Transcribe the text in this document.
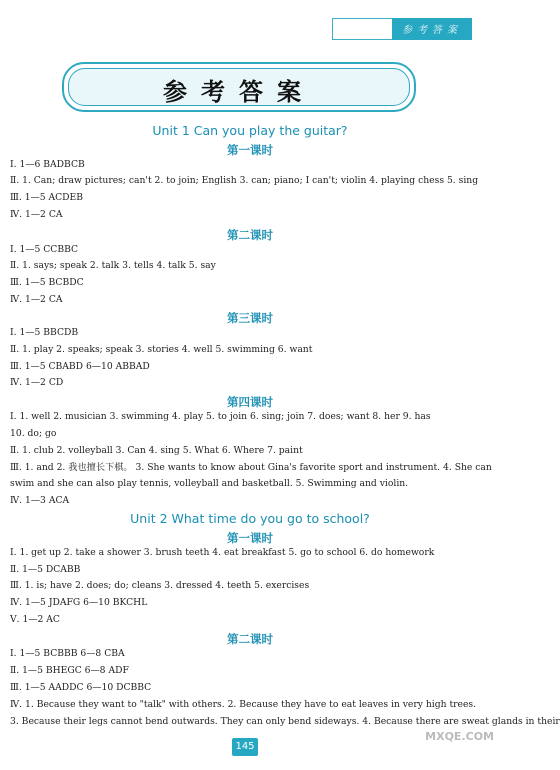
参考答案
参考答案
Unit 1 Can you play the guitar?
第一课时
Ⅰ. 1—6 BADBCB
Ⅱ. 1. Can; draw pictures; can't 2. to join; English 3. can; piano; I can't; violin 4. playing chess 5. sing
Ⅲ. 1—5 ACDEB
Ⅳ. 1—2 CA
第二课时
Ⅰ. 1—5 CCBBC
Ⅱ. 1. says; speak 2. talk 3. tells 4. talk 5. say
Ⅲ. 1—5 BCBDC
Ⅳ. 1—2 CA
第三课时
Ⅰ. 1—5 BBCDB
Ⅱ. 1. play 2. speaks; speak 3. stories 4. well 5. swimming 6. want
Ⅲ. 1—5 CBABD 6—10 ABBAD
Ⅳ. 1—2 CD
第四课时
Ⅰ. 1. well 2. musician 3. swimming 4. play 5. to join 6. sing; join 7. does; want 8. her 9. has
10. do; go
Ⅱ. 1. club 2. volleyball 3. Can 4. sing 5. What 6. Where 7. paint
Ⅲ. 1. and 2. 我也擅长下棋。 3. She wants to know about Gina's favorite sport and instrument. 4. She can
swim and she can also play tennis, volleyball and basketball. 5. Swimming and violin.
Ⅳ. 1—3 ACA
Unit 2 What time do you go to school?
第一课时
Ⅰ. 1. get up 2. take a shower 3. brush teeth 4. eat breakfast 5. go to school 6. do homework
Ⅱ. 1—5 DCABB
Ⅲ. 1. is; have 2. does; do; cleans 3. dressed 4. teeth 5. exercises
Ⅳ. 1—5 JDAFG 6—10 BKCHL
Ⅴ. 1—2 AC
第二课时
Ⅰ. 1—5 BCBBB 6—8 CBA
Ⅱ. 1—5 BHEGC 6—8 ADF
Ⅲ. 1—5 AADDC 6—10 DCBBC
Ⅳ. 1. Because they want to "talk" with others. 2. Because they have to eat leaves in very high trees.
3. Because their legs cannot bend outwards. They can only bend sideways. 4. Because there are sweat glands in their
145
MXQE.COM
